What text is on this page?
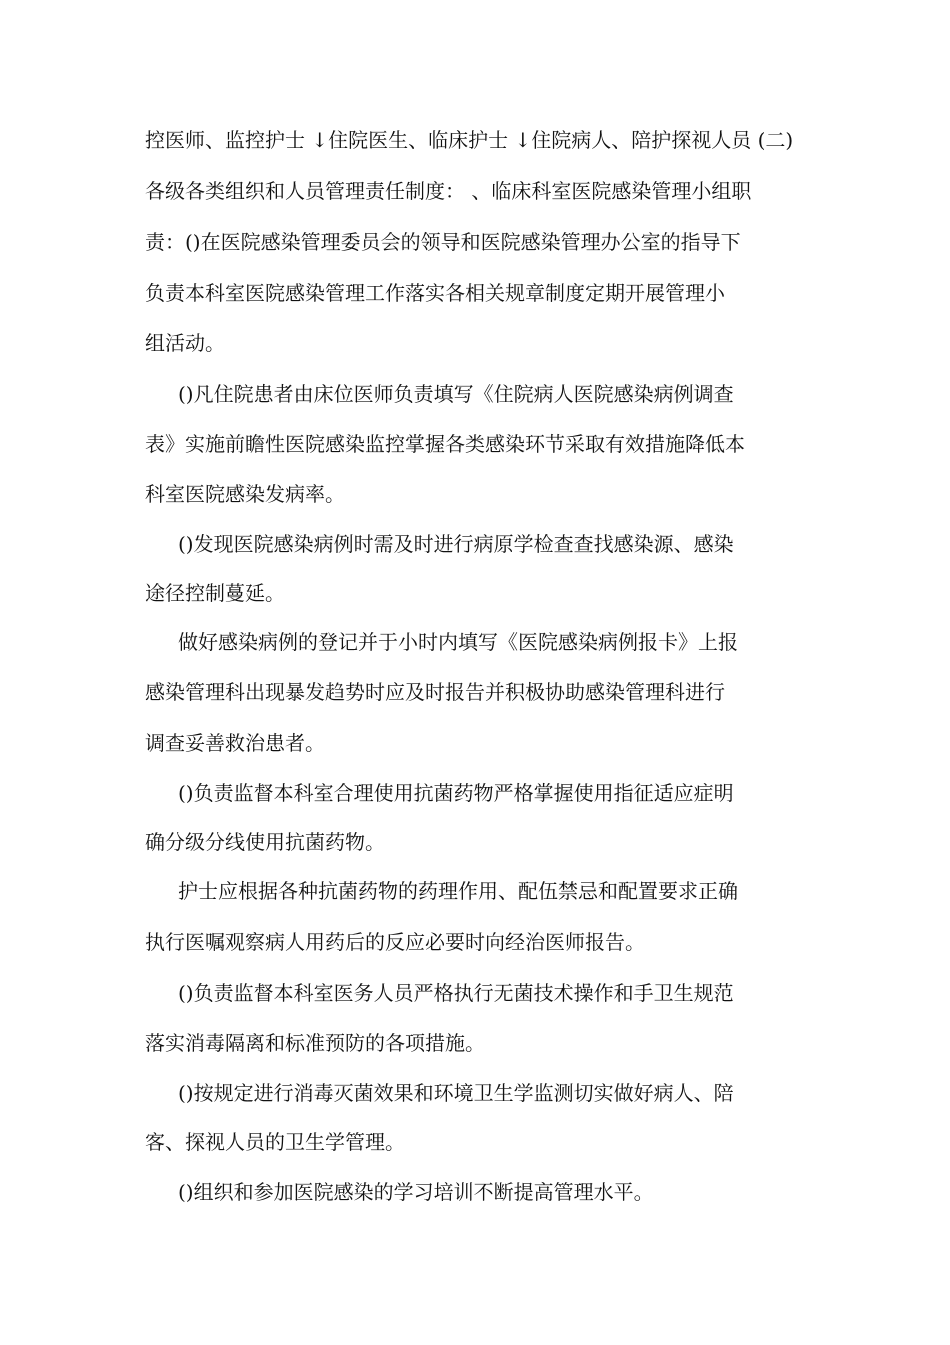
控医师、监控护士 ↓住院医生、临床护士 ↓住院病人、陪护探视人员 (二)

各级各类组织和人员管理责任制度： 、临床科室医院感染管理小组职

责：()在医院感染管理委员会的领导和医院感染管理办公室的指导下

负责本科室医院感染管理工作落实各相关规章制度定期开展管理小

组活动。

()凡住院患者由床位医师负责填写《住院病人医院感染病例调查

表》实施前瞻性医院感染监控掌握各类感染环节采取有效措施降低本

科室医院感染发病率。

()发现医院感染病例时需及时进行病原学检查查找感染源、感染

途径控制蔓延。

做好感染病例的登记并于小时内填写《医院感染病例报卡》上报

感染管理科出现暴发趋势时应及时报告并积极协助感染管理科进行

调查妥善救治患者。

()负责监督本科室合理使用抗菌药物严格掌握使用指征适应症明

确分级分线使用抗菌药物。

护士应根据各种抗菌药物的药理作用、配伍禁忌和配置要求正确

执行医嘱观察病人用药后的反应必要时向经治医师报告。

()负责监督本科室医务人员严格执行无菌技术操作和手卫生规范

落实消毒隔离和标准预防的各项措施。

()按规定进行消毒灭菌效果和环境卫生学监测切实做好病人、陪

客、探视人员的卫生学管理。

()组织和参加医院感染的学习培训不断提高管理水平。
